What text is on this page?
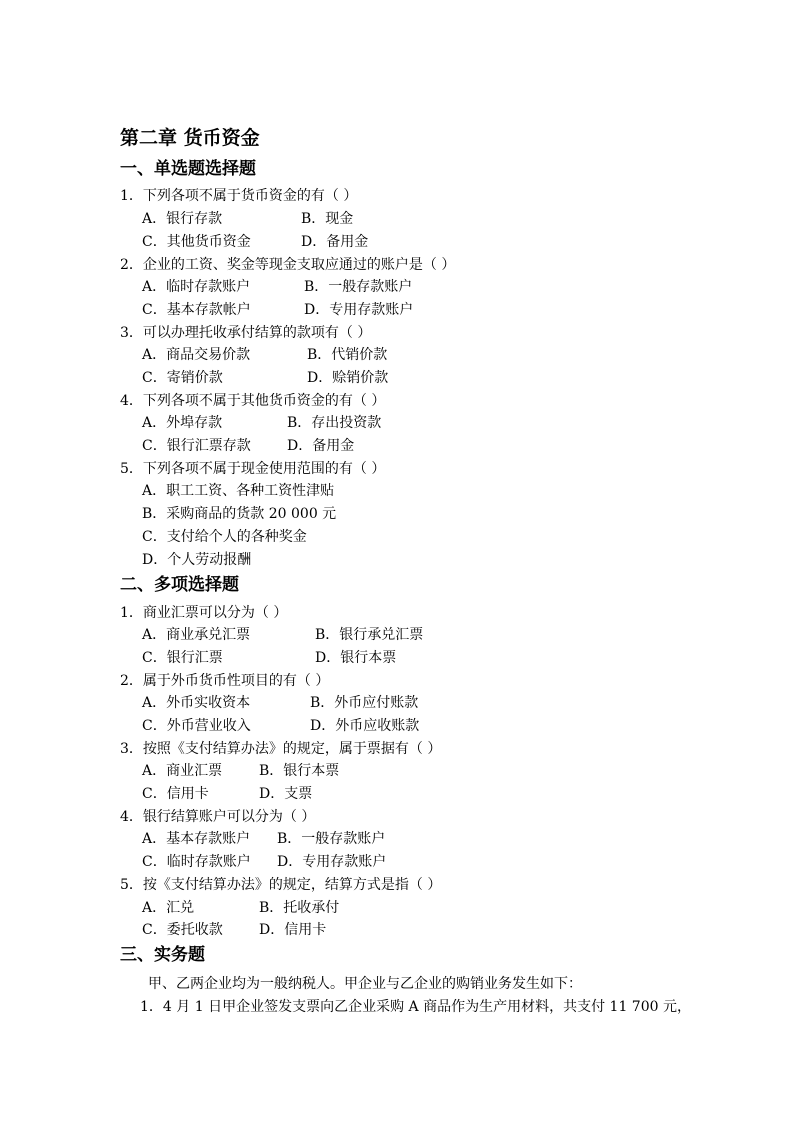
第二章 货币资金
一、单选题选择题
1．下列各项不属于货币资金的有（ ）
A．银行存款	B．现金
C．其他货币资金	D．备用金
2．企业的工资、奖金等现金支取应通过的账户是（ ）
A．临时存款账户	B．一般存款账户
C．基本存款帐户	D．专用存款账户
3．可以办理托收承付结算的款项有（ ）
A．商品交易价款	B．代销价款
C．寄销价款	D．赊销价款
4．下列各项不属于其他货币资金的有（ ）
A．外埠存款	B．存出投资款
C．银行汇票存款	D．备用金
5．下列各项不属于现金使用范围的有（ ）
A．职工工资、各种工资性津贴
B．采购商品的货款 20 000 元
C．支付给个人的各种奖金
D．个人劳动报酬
二、多项选择题
1．商业汇票可以分为（ ）
A．商业承兑汇票	B．银行承兑汇票
C．银行汇票	D．银行本票
2．属于外币货币性项目的有（ ）
A．外币实收资本	B．外币应付账款
C．外币营业收入	D．外币应收账款
3．按照《支付结算办法》的规定，属于票据有（ ）
A．商业汇票	B．银行本票
C．信用卡	D．支票
4．银行结算账户可以分为（ ）
A．基本存款账户 B．一般存款账户
C．临时存款账户 D．专用存款账户
5．按《支付结算办法》的规定，结算方式是指（ ）
A．汇兑	B．托收承付
C．委托收款	D．信用卡
三、实务题
甲、乙两企业均为一般纳税人。甲企业与乙企业的购销业务发生如下：
1．4 月 1 日甲企业签发支票向乙企业采购 A 商品作为生产用材料，共支付 11 700 元，
